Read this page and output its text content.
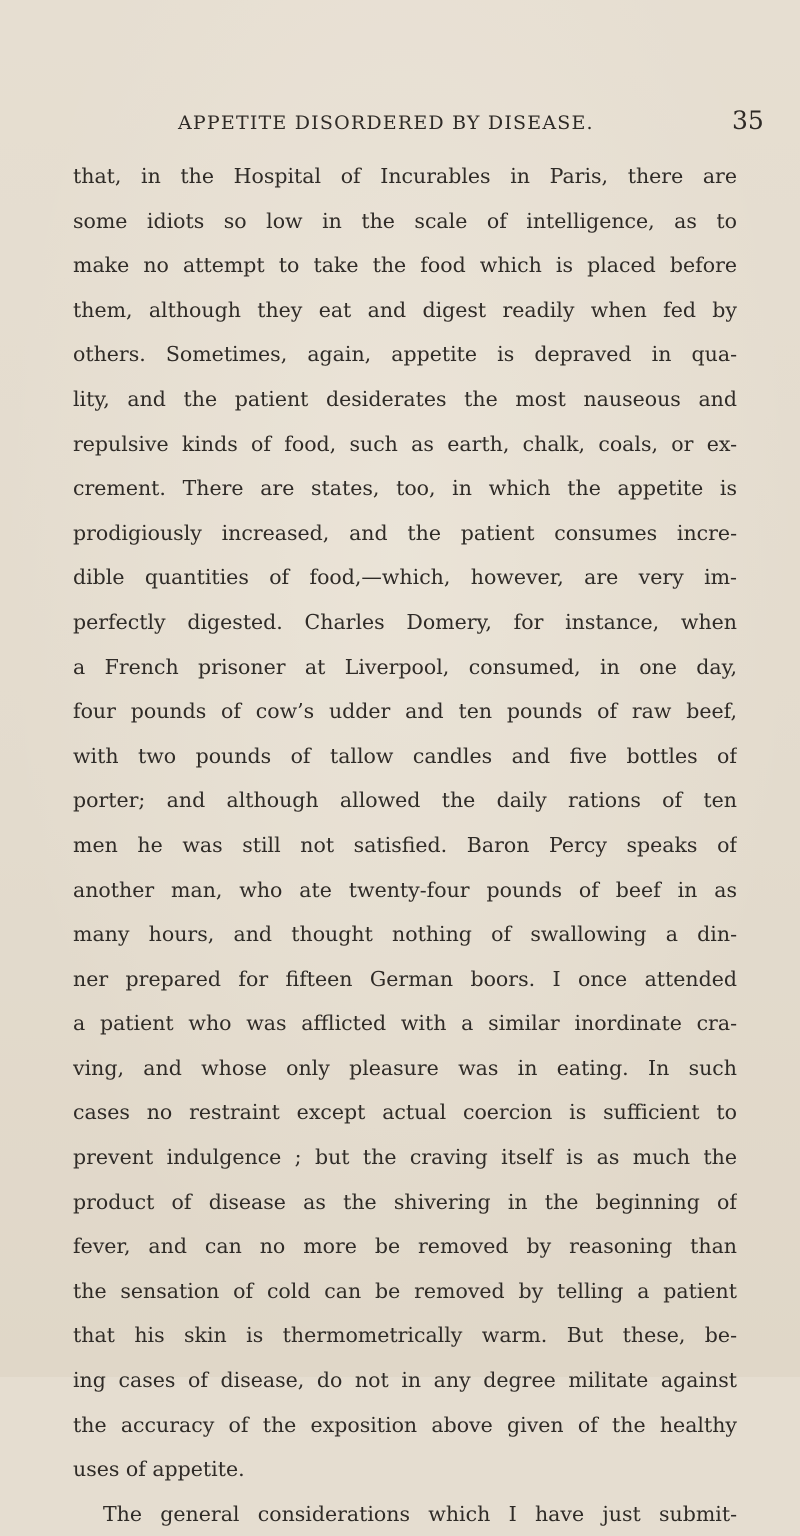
APPETITE DISORDERED BY DISEASE.	35
that, in the Hospital of Incurables in Paris, there are
some idiots so low in the scale of intelligence, as to
make no attempt to take the food which is placed before
them, although they eat and digest readily when fed by
others. Sometimes, again, appetite is depraved in qua-
lity, and the patient desiderates the most nauseous and
repulsive kinds of food, such as earth, chalk, coals, or ex-
crement. There are states, too, in which the appetite is
prodigiously increased, and the patient consumes incre-
dible quantities of food,—which, however, are very im-
perfectly digested. Charles Domery, for instance, when
a French prisoner at Liverpool, consumed, in one day,
four pounds of cow’s udder and ten pounds of raw beef,
with two pounds of tallow candles and five bottles of
porter; and although allowed the daily rations of ten
men he was still not satisfied. Baron Percy speaks of
another man, who ate twenty-four pounds of beef in as
many hours, and thought nothing of swallowing a din-
ner prepared for fifteen German boors. I once attended
a patient who was afflicted with a similar inordinate cra-
ving, and whose only pleasure was in eating. In such
cases no restraint except actual coercion is sufficient to
prevent indulgence ; but the craving itself is as much the
product of disease as the shivering in the beginning of
fever, and can no more be removed by reasoning than
the sensation of cold can be removed by telling a patient
that his skin is thermometrically warm. But these, be-
ing cases of disease, do not in any degree militate against
the accuracy of the exposition above given of the healthy
uses of appetite.
The general considerations which I have just submit-
